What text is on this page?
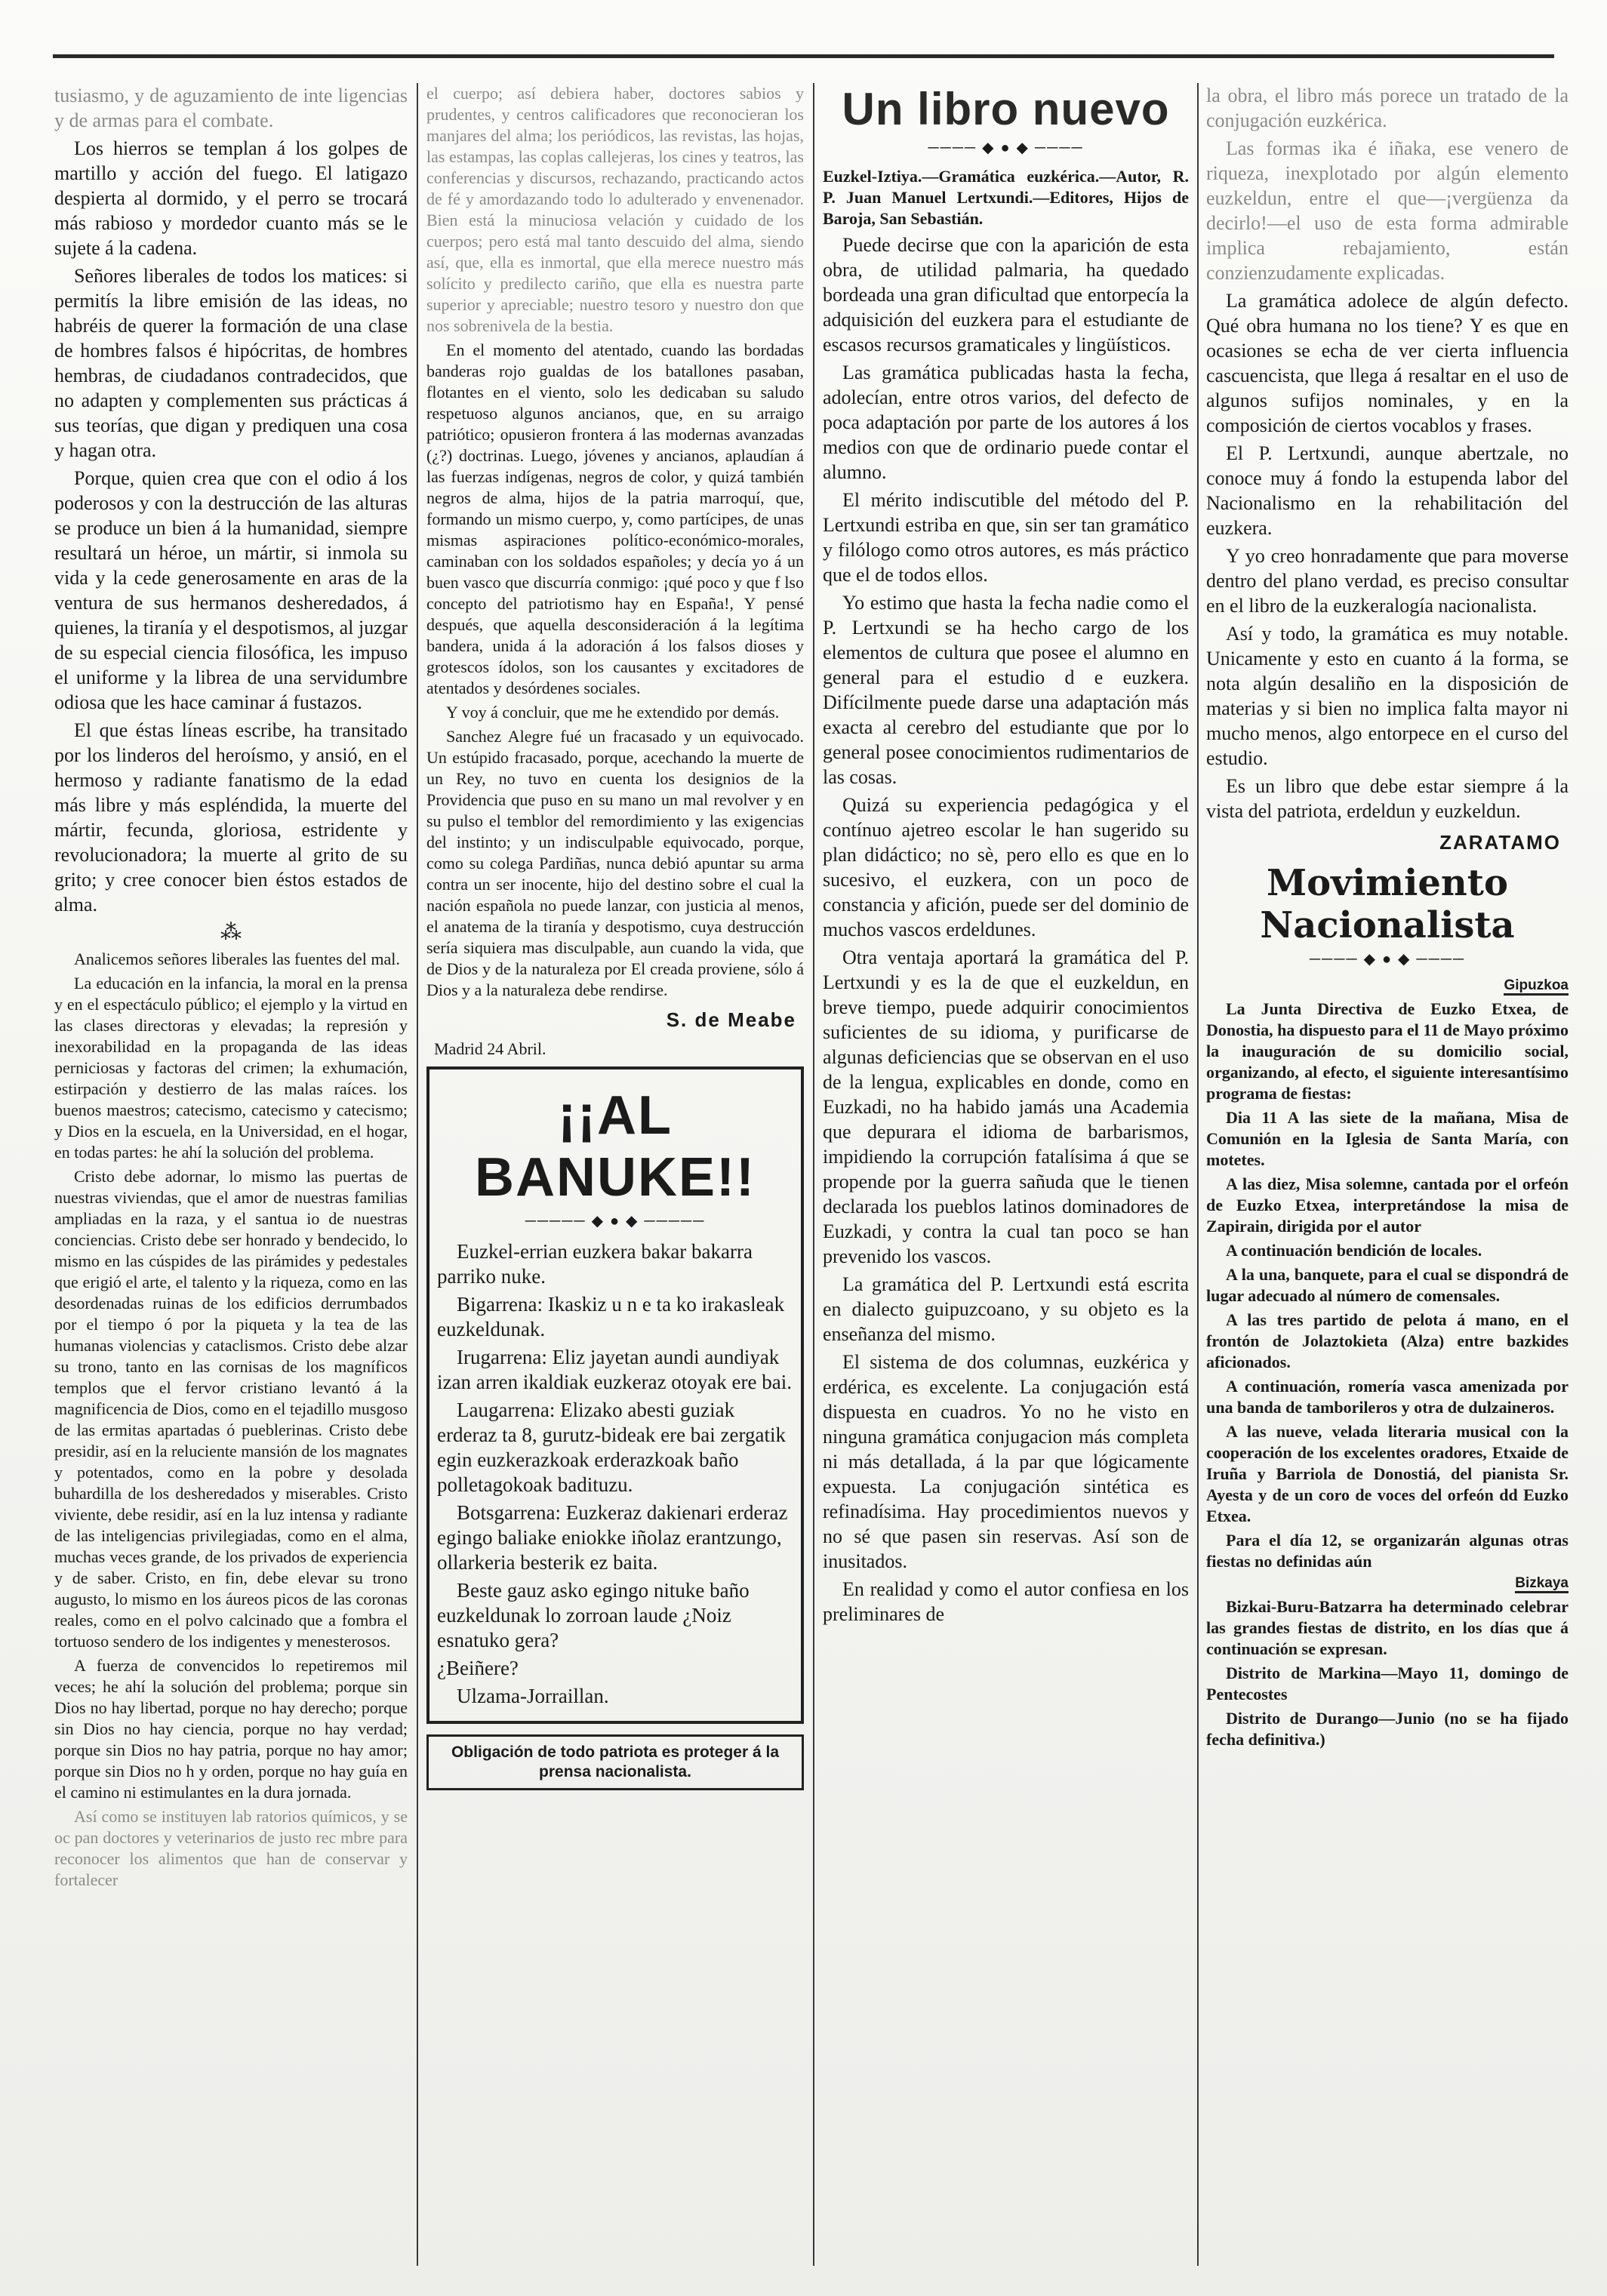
tusiasmo, y de aguzamiento de inte ligencias y de armas para el combate.

Los hierros se templan á los golpes de martillo y acción del fuego. El latigazo despierta al dormido, y el perro se trocará más rabioso y mordedor cuanto más se le sujete á la cadena.

Señores liberales de todos los matices: si permitís la libre emisión de las ideas, no habréis de querer la formación de una clase de hombres falsos é hipócritas, de hombres hembras, de ciudadanos contradecidos, que no adapten y complementen sus prácticas á sus teorías, que digan y prediquen una cosa y hagan otra.

Porque, quien crea que con el odio á los poderosos y con la destrucción de las alturas se produce un bien á la humanidad, siempre resultará un héroe, un mártir, si inmola su vida y la cede generosamente en aras de la ventura de sus hermanos desheredados, á quienes, la tiranía y el despotismos, al juzgar de su especial ciencia filosófica, les impuso el uniforme y la librea de una servidumbre odiosa que les hace caminar á fustazos.

El que éstas líneas escribe, ha transitado por los linderos del heroísmo, y ansió, en el hermoso y radiante fanatismo de la edad más libre y más espléndida, la muerte del mártir, fecunda, gloriosa, estridente y revolucionadora; la muerte al grito de su grito; y cree conocer bien éstos estados de alma.

⁂

Analicemos señores liberales las fuentes del mal.

La educación en la infancia, la moral en la prensa y en el espectáculo público; el ejemplo y la virtud en las clases directoras y elevadas; la represión y inexorabilidad en la propaganda de las ideas perniciosas y factoras del crimen; la exhumación, estirpación y destierro de las malas raíces. los buenos maestros; catecismo, catecismo y catecismo; y Dios en la escuela, en la Universidad, en el hogar, en todas partes: he ahí la solución del problema.

Cristo debe adornar, lo mismo las puertas de nuestras viviendas, que el amor de nuestras familias ampliadas en la raza, y el santua io de nuestras conciencias. Cristo debe ser honrado y bendecido, lo mismo en las cúspides de las pirámides y pedestales que erigió el arte, el talento y la riqueza, como en las desordenadas ruinas de los edificios derrumbados por el tiempo ó por la piqueta y la tea de las humanas violencias y cataclismos. Cristo debe alzar su trono, tanto en las cornisas de los magníficos templos que el fervor cristiano levantó á la magnificencia de Dios, como en el tejadillo musgoso de las ermitas apartadas ó pueblerinas. Cristo debe presidir, así en la reluciente mansión de los magnates y potentados, como en la pobre y desolada buhardilla de los desheredados y miserables. Cristo viviente, debe residir, así en la luz intensa y radiante de las inteligencias privilegiadas, como en el alma, muchas veces grande, de los privados de experiencia y de saber. Cristo, en fin, debe elevar su trono augusto, lo mismo en los áureos picos de las coronas reales, como en el polvo calcinado que a fombra el tortuoso sendero de los indigentes y menesterosos.

A fuerza de convencidos lo repetiremos mil veces; he ahí la solución del problema; porque sin Dios no hay libertad, porque no hay derecho; porque sin Dios no hay ciencia, porque no hay verdad; porque sin Dios no hay patria, porque no hay amor; porque sin Dios no h y orden, porque no hay guía en el camino ni estimulantes en la dura jornada.

Así como se instituyen lab ratorios químicos, y se oc pan doctores y veterinarios de justo rec mbre para reconocer los alimentos que han de conservar y fortalecer

el cuerpo; así debiera haber, doctores sabios y prudentes, y centros calificadores que reconocieran los manjares del alma; los periódicos, las revistas, las hojas, las estampas, las coplas callejeras, los cines y teatros, las conferencias y discursos, rechazando, practicando actos de fé y amordazando todo lo adulterado y envenenador. Bien está la minuciosa velación y cuidado de los cuerpos; pero está mal tanto descuido del alma, siendo así, que, ella es inmortal, que ella merece nuestro más solícito y predilecto cariño, que ella es nuestra parte superior y apreciable; nuestro tesoro y nuestro don que nos sobrenivela de la bestia.

En el momento del atentado, cuando las bordadas banderas rojo gualdas de los batallones pasaban, flotantes en el viento, solo les dedicaban su saludo respetuoso algunos ancianos, que, en su arraigo patriótico; opusieron frontera á las modernas avanzadas (¿?) doctrinas. Luego, jóvenes y ancianos, aplaudían á las fuerzas indígenas, negros de color, y quizá también negros de alma, hijos de la patria marroquí, que, formando un mismo cuerpo, y, como partícipes, de unas mismas aspiraciones político-económico-morales, caminaban con los soldados españoles; y decía yo á un buen vasco que discurría conmigo: ¡qué poco y que f lso concepto del patriotismo hay en España!, Y pensé después, que aquella desconsideración á la legítima bandera, unida á la adoración á los falsos dioses y grotescos ídolos, son los causantes y excitadores de atentados y desórdenes sociales.

Y voy á concluir, que me he extendido por demás.

Sanchez Alegre fué un fracasado y un equivocado. Un estúpido fracasado, porque, acechando la muerte de un Rey, no tuvo en cuenta los designios de la Providencia que puso en su mano un mal revolver y en su pulso el temblor del remordimiento y las exigencias del instinto; y un indisculpable equivocado, porque, como su colega Pardiñas, nunca debió apuntar su arma contra un ser inocente, hijo del destino sobre el cual la nación española no puede lanzar, con justicia al menos, el anatema de la tiranía y despotismo, cuya destrucción sería siquiera mas disculpable, aun cuando la vida, que de Dios y de la naturaleza por El creada proviene, sólo á Dios y a la naturaleza debe rendirse.

S. de Meabe
Madrid 24 Abril.
¡¡AL BANUKE!!
───── ◆ ● ◆ ─────

Euzkel-errian euzkera bakar bakarra parriko nuke.

Bigarrena: Ikaskiz u n e ta ko irakasleak euzkeldunak.

Irugarrena: Eliz jayetan aundi aundiyak izan arren ikaldiak euzkeraz otoyak ere bai.

Laugarrena: Elizako abesti guziak erderaz ta 8, gurutz-bideak ere bai zergatik egin euzkerazkoak erderazkoak baño polletagokoak badituzu.

Botsgarrena: Euzkeraz dakienari erderaz egingo baliake eniokke iñolaz erantzungo, ollarkeria besterik ez baita.

Beste gauz asko egingo nituke baño euzkeldunak lo zorroan laude ¿Noiz esnatuko gera?

¿Beiñere?

Ulzama-Jorraillan.

Obligación de todo patriota es proteger á la prensa nacionalista.
Un libro nuevo
──── ◆ ● ◆ ────

Euzkel-Iztiya.—Gramática euzkérica.—Autor, R. P. Juan Manuel Lertxundi.—Editores, Hijos de Baroja, San Sebastián.

Puede decirse que con la aparición de esta obra, de utilidad palmaria, ha quedado bordeada una gran dificultad que entorpecía la adquisición del euzkera para el estudiante de escasos recursos gramaticales y lingüísticos.

Las gramática publicadas hasta la fecha, adolecían, entre otros varios, del defecto de poca adaptación por parte de los autores á los medios con que de ordinario puede contar el alumno.

El mérito indiscutible del método del P. Lertxundi estriba en que, sin ser tan gramático y filólogo como otros autores, es más práctico que el de todos ellos.

Yo estimo que hasta la fecha nadie como el P. Lertxundi se ha hecho cargo de los elementos de cultura que posee el alumno en general para el estudio d e euzkera. Difícilmente puede darse una adaptación más exacta al cerebro del estudiante que por lo general posee conocimientos rudimentarios de las cosas.

Quizá su experiencia pedagógica y el contínuo ajetreo escolar le han sugerido su plan didáctico; no sè, pero ello es que en lo sucesivo, el euzkera, con un poco de constancia y afición, puede ser del dominio de muchos vascos erdeldunes.

Otra ventaja aportará la gramática del P. Lertxundi y es la de que el euzkeldun, en breve tiempo, puede adquirir conocimientos suficientes de su idioma, y purificarse de algunas deficiencias que se observan en el uso de la lengua, explicables en donde, como en Euzkadi, no ha habido jamás una Academia que depurara el idioma de barbarismos, impidiendo la corrupción fatalísima á que se propende por la guerra sañuda que le tienen declarada los pueblos latinos dominadores de Euzkadi, y contra la cual tan poco se han prevenido los vascos.

La gramática del P. Lertxundi está escrita en dialecto guipuzcoano, y su objeto es la enseñanza del mismo.

El sistema de dos columnas, euzkérica y erdérica, es excelente. La conjugación está dispuesta en cuadros. Yo no he visto en ninguna gramática conjugacion más completa ni más detallada, á la par que lógicamente expuesta. La conjugación sintética es refinadísima. Hay procedimientos nuevos y no sé que pasen sin reservas. Así son de inusitados.

En realidad y como el autor confiesa en los preliminares de

la obra, el libro más porece un tratado de la conjugación euzkérica.

Las formas ika é iñaka, ese venero de riqueza, inexplotado por algún elemento euzkeldun, entre el que—¡vergüenza da decirlo!—el uso de esta forma admirable implica rebajamiento, están conzienzudamente explicadas.

La gramática adolece de algún defecto. Qué obra humana no los tiene? Y es que en ocasiones se echa de ver cierta influencia cascuencista, que llega á resaltar en el uso de algunos sufijos nominales, y en la composición de ciertos vocablos y frases.

El P. Lertxundi, aunque abertzale, no conoce muy á fondo la estupenda labor del Nacionalismo en la rehabilitación del euzkera.

Y yo creo honradamente que para moverse dentro del plano verdad, es preciso consultar en el libro de la euzkeralogía nacionalista.

Así y todo, la gramática es muy notable. Unicamente y esto en cuanto á la forma, se nota algún desaliño en la disposición de materias y si bien no implica falta mayor ni mucho menos, algo entorpece en el curso del estudio.

Es un libro que debe estar siempre á la vista del patriota, erdeldun y euzkeldun.

ZARATAMO
Movimiento Nacionalista
──── ◆ ● ◆ ────
Gipuzkoa

La Junta Directiva de Euzko Etxea, de Donostia, ha dispuesto para el 11 de Mayo próximo la inauguración de su domicilio social, organizando, al efecto, el siguiente interesantísimo programa de fiestas:

Dia 11 A las siete de la mañana, Misa de Comunión en la Iglesia de Santa María, con motetes.

A las diez, Misa solemne, cantada por el orfeón de Euzko Etxea, interpretándose la misa de Zapirain, dirigida por el autor

A continuación bendición de locales.

A la una, banquete, para el cual se dispondrá de lugar adecuado al número de comensales.

A las tres partido de pelota á mano, en el frontón de Jolaztokieta (Alza) entre bazkides aficionados.

A continuación, romería vasca amenizada por una banda de tamborileros y otra de dulzaineros.

A las nueve, velada literaria musical con la cooperación de los excelentes oradores, Etxaide de Iruña y Barriola de Donostiá, del pianista Sr. Ayesta y de un coro de voces del orfeón dd Euzko Etxea.

Para el día 12, se organizarán algunas otras fiestas no definidas aún

Bizkaya

Bizkai-Buru-Batzarra ha determinado celebrar las grandes fiestas de distrito, en los días que á continuación se expresan.

Distrito de Markina—Mayo 11, domingo de Pentecostes

Distrito de Durango—Junio (no se ha fijado fecha definitiva.)
